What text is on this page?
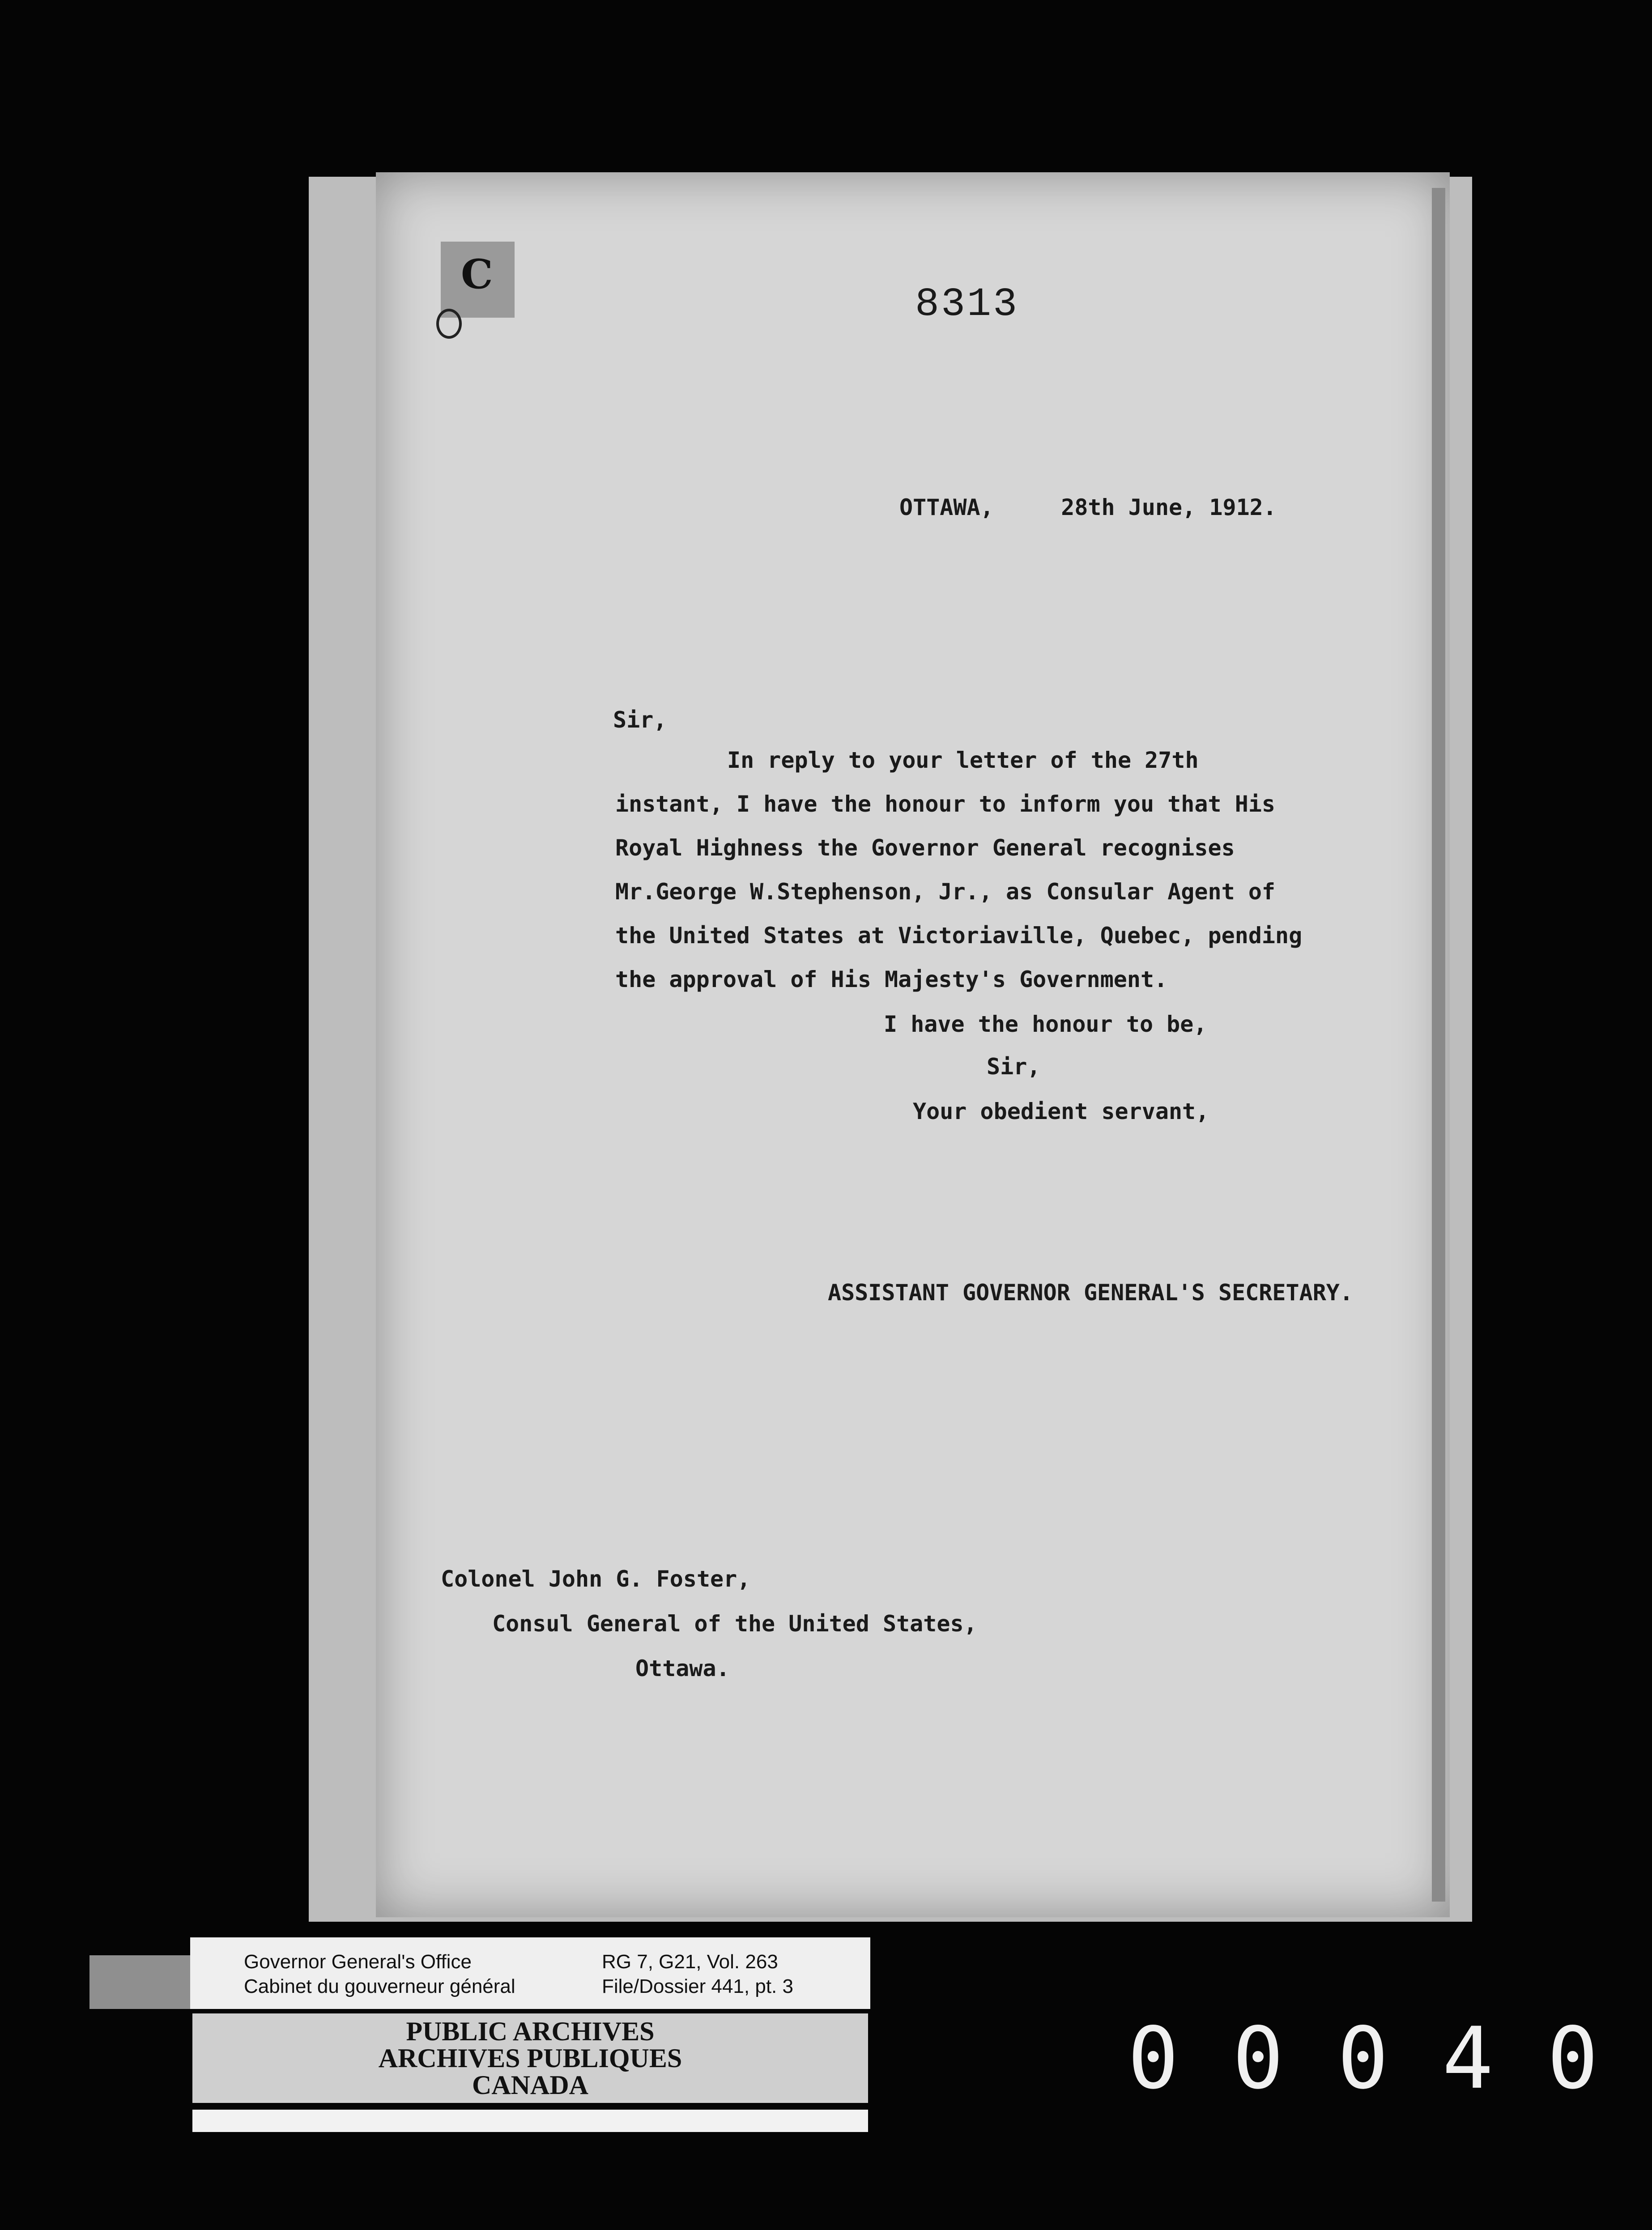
C
8313
OTTAWA,     28th June, 1912.
Sir,
In reply to your letter of the 27th
instant, I have the honour to inform you that His
Royal Highness the Governor General recognises
Mr.George W.Stephenson, Jr., as Consular Agent of
the United States at Victoriaville, Quebec, pending
the approval of His Majesty's Government.
I have the honour to be,
Sir,
Your obedient servant,
ASSISTANT GOVERNOR GENERAL'S SECRETARY.
Colonel John G. Foster,
Consul General of the United States,
Ottawa.
Governor General's Office
Cabinet du gouverneur général
RG 7, G21, Vol. 263
File/Dossier 441, pt. 3
PUBLIC ARCHIVES
ARCHIVES PUBLIQUES
CANADA	00040
